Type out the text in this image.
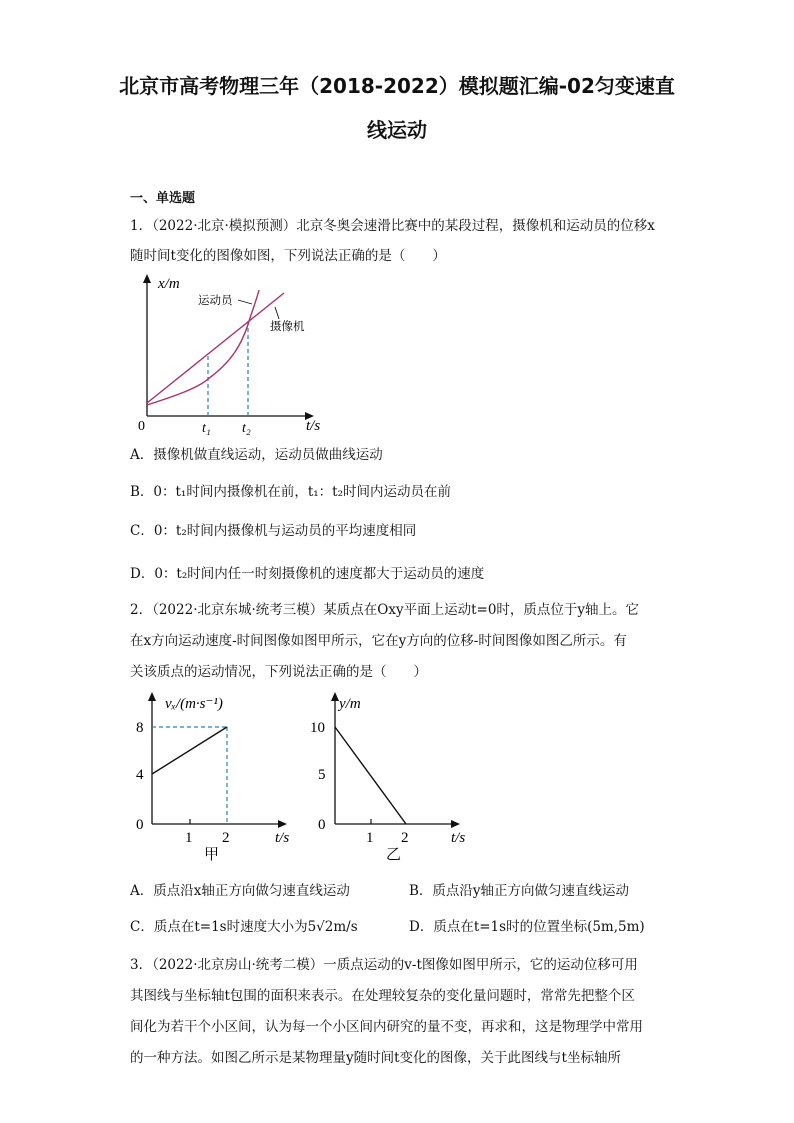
北京市高考物理三年（2018-2022）模拟题汇编-02匀变速直
线运动
一、单选题
1．（2022·北京·模拟预测）北京冬奥会速滑比赛中的某段过程，摄像机和运动员的位移x
随时间t变化的图像如图，下列说法正确的是（　　）
x/m
t/s
0	t₁ t₂
运动员
摄像机
A．摄像机做直线运动，运动员做曲线运动
B．0：t₁时间内摄像机在前，t₁：t₂时间内运动员在前
C．0：t₂时间内摄像机与运动员的平均速度相同
D．0：t₂时间内任一时刻摄像机的速度都大于运动员的速度
2．（2022·北京东城·统考三模）某质点在Oxy平面上运动t=0时，质点位于y轴上。它
在x方向运动速度-时间图像如图甲所示，它在y方向的位移-时间图像如图乙所示。有
关该质点的运动情况，下列说法正确的是（　　）
vₓ/(m·s⁻¹)
8
4
0
1 2	t/s
甲
y/m
10
5
0
1 2	t/s
乙
A．质点沿x轴正方向做匀速直线运动	B．质点沿y轴正方向做匀速直线运动
C．质点在t=1s时速度大小为5√2m/s	D．质点在t=1s时的位置坐标(5m,5m)
3．（2022·北京房山·统考二模）一质点运动的v-t图像如图甲所示，它的运动位移可用
其图线与坐标轴t包围的面积来表示。在处理较复杂的变化量问题时，常常先把整个区
间化为若干个小区间，认为每一个小区间内研究的量不变，再求和，这是物理学中常用
的一种方法。如图乙所示是某物理量y随时间t变化的图像，关于此图线与t坐标轴所
